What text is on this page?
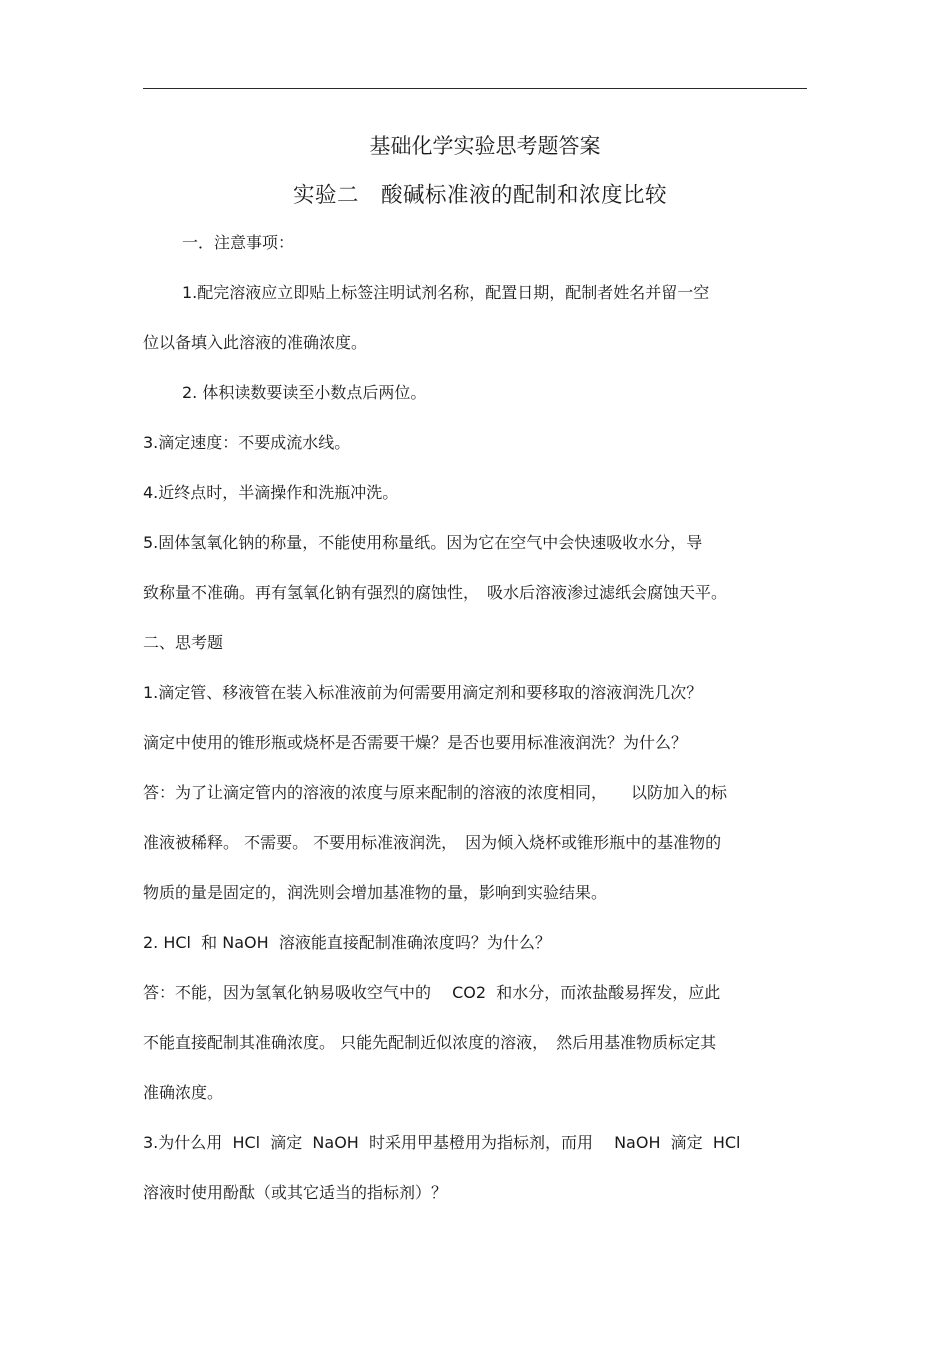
基础化学实验思考题答案
实验二　酸碱标准液的配制和浓度比较
一．注意事项：
1.配完溶液应立即贴上标签注明试剂名称，配置日期，配制者姓名并留一空
位以备填入此溶液的准确浓度。
2. 体积读数要读至小数点后两位。
3.滴定速度：不要成流水线。
4.近终点时，半滴操作和洗瓶冲洗。
5.固体氢氧化钠的称量，不能使用称量纸。因为它在空气中会快速吸收水分，导
致称量不准确。再有氢氧化钠有强烈的腐蚀性，　吸水后溶液渗过滤纸会腐蚀天平。
二、思考题
1.滴定管、移液管在装入标准液前为何需要用滴定剂和要移取的溶液润洗几次？
滴定中使用的锥形瓶或烧杯是否需要干燥？是否也要用标准液润洗？为什么？
答：为了让滴定管内的溶液的浓度与原来配制的溶液的浓度相同，　　以防加入的标
准液被稀释。 不需要。 不要用标准液润洗，　因为倾入烧杯或锥形瓶中的基准物的
物质的量是固定的，润洗则会增加基准物的量，影响到实验结果。
2. HCl  和 NaOH  溶液能直接配制准确浓度吗？为什么？
答：不能，因为氢氧化钠易吸收空气中的　 CO2  和水分，而浓盐酸易挥发，应此
不能直接配制其准确浓度。 只能先配制近似浓度的溶液，　然后用基准物质标定其
准确浓度。
3.为什么用  HCl  滴定  NaOH  时采用甲基橙用为指标剂，而用　 NaOH  滴定  HCl
溶液时使用酚酞（或其它适当的指标剂）？
